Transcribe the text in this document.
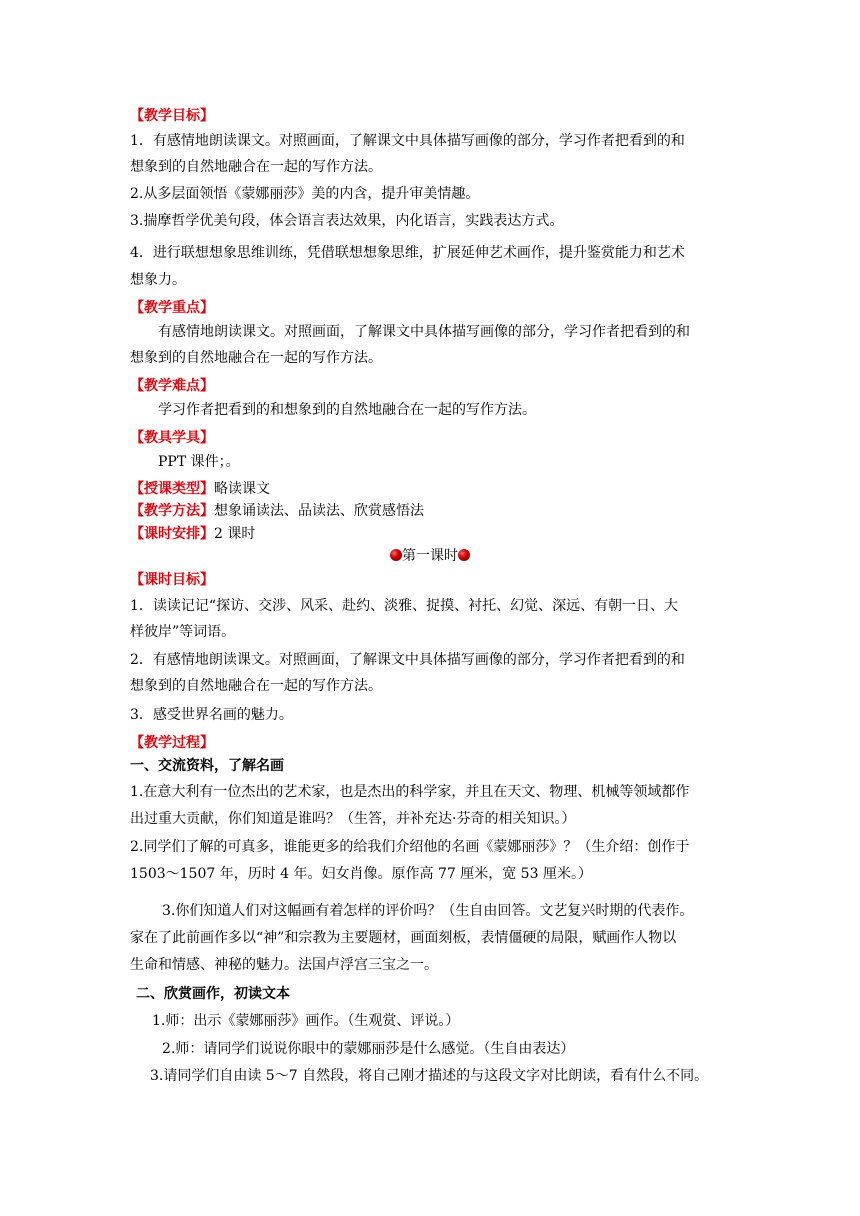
【教学目标】
1．有感情地朗读课文。对照画面，了解课文中具体描写画像的部分，学习作者把看到的和
想象到的自然地融合在一起的写作方法。
2.从多层面领悟《蒙娜丽莎》美的内含，提升审美情趣。
3.揣摩哲学优美句段，体会语言表达效果，内化语言，实践表达方式。
4．进行联想想象思维训练，凭借联想想象思维，扩展延伸艺术画作，提升鉴赏能力和艺术
想象力。
【教学重点】
有感情地朗读课文。对照画面，了解课文中具体描写画像的部分，学习作者把看到的和
想象到的自然地融合在一起的写作方法。
【教学难点】
学习作者把看到的和想象到的自然地融合在一起的写作方法。
【教具学具】
PPT 课件；。
【授课类型】略读课文
【教学方法】想象诵读法、品读法、欣赏感悟法
【课时安排】2 课时
第一课时
【课时目标】
1．读读记记“探访、交涉、风采、赴约、淡雅、捉摸、衬托、幻觉、深远、有朝一日、大
样彼岸”等词语。
2．有感情地朗读课文。对照画面，了解课文中具体描写画像的部分，学习作者把看到的和
想象到的自然地融合在一起的写作方法。
3．感受世界名画的魅力。
【教学过程】
一、交流资料，了解名画
1.在意大利有一位杰出的艺术家，也是杰出的科学家，并且在天文、物理、机械等领域都作
出过重大贡献，你们知道是谁吗？（生答，并补充达·芬奇的相关知识。）
2.同学们了解的可真多，谁能更多的给我们介绍他的名画《蒙娜丽莎》？（生介绍：创作于
1503～1507 年，历时 4 年。妇女肖像。原作高 77 厘米，宽 53 厘米。）
3.你们知道人们对这幅画有着怎样的评价吗？（生自由回答。文艺复兴时期的代表作。
家在了此前画作多以“神”和宗教为主要题材，画面刻板，表情僵硬的局限，赋画作人物以
生命和情感、神秘的魅力。法国卢浮宫三宝之一。
二、欣赏画作，初读文本
1.师：出示《蒙娜丽莎》画作。（生观赏、评说。）
2.师：请同学们说说你眼中的蒙娜丽莎是什么感觉。（生自由表达）
3.请同学们自由读 5～7 自然段，将自己刚才描述的与这段文字对比朗读，看有什么不同。
